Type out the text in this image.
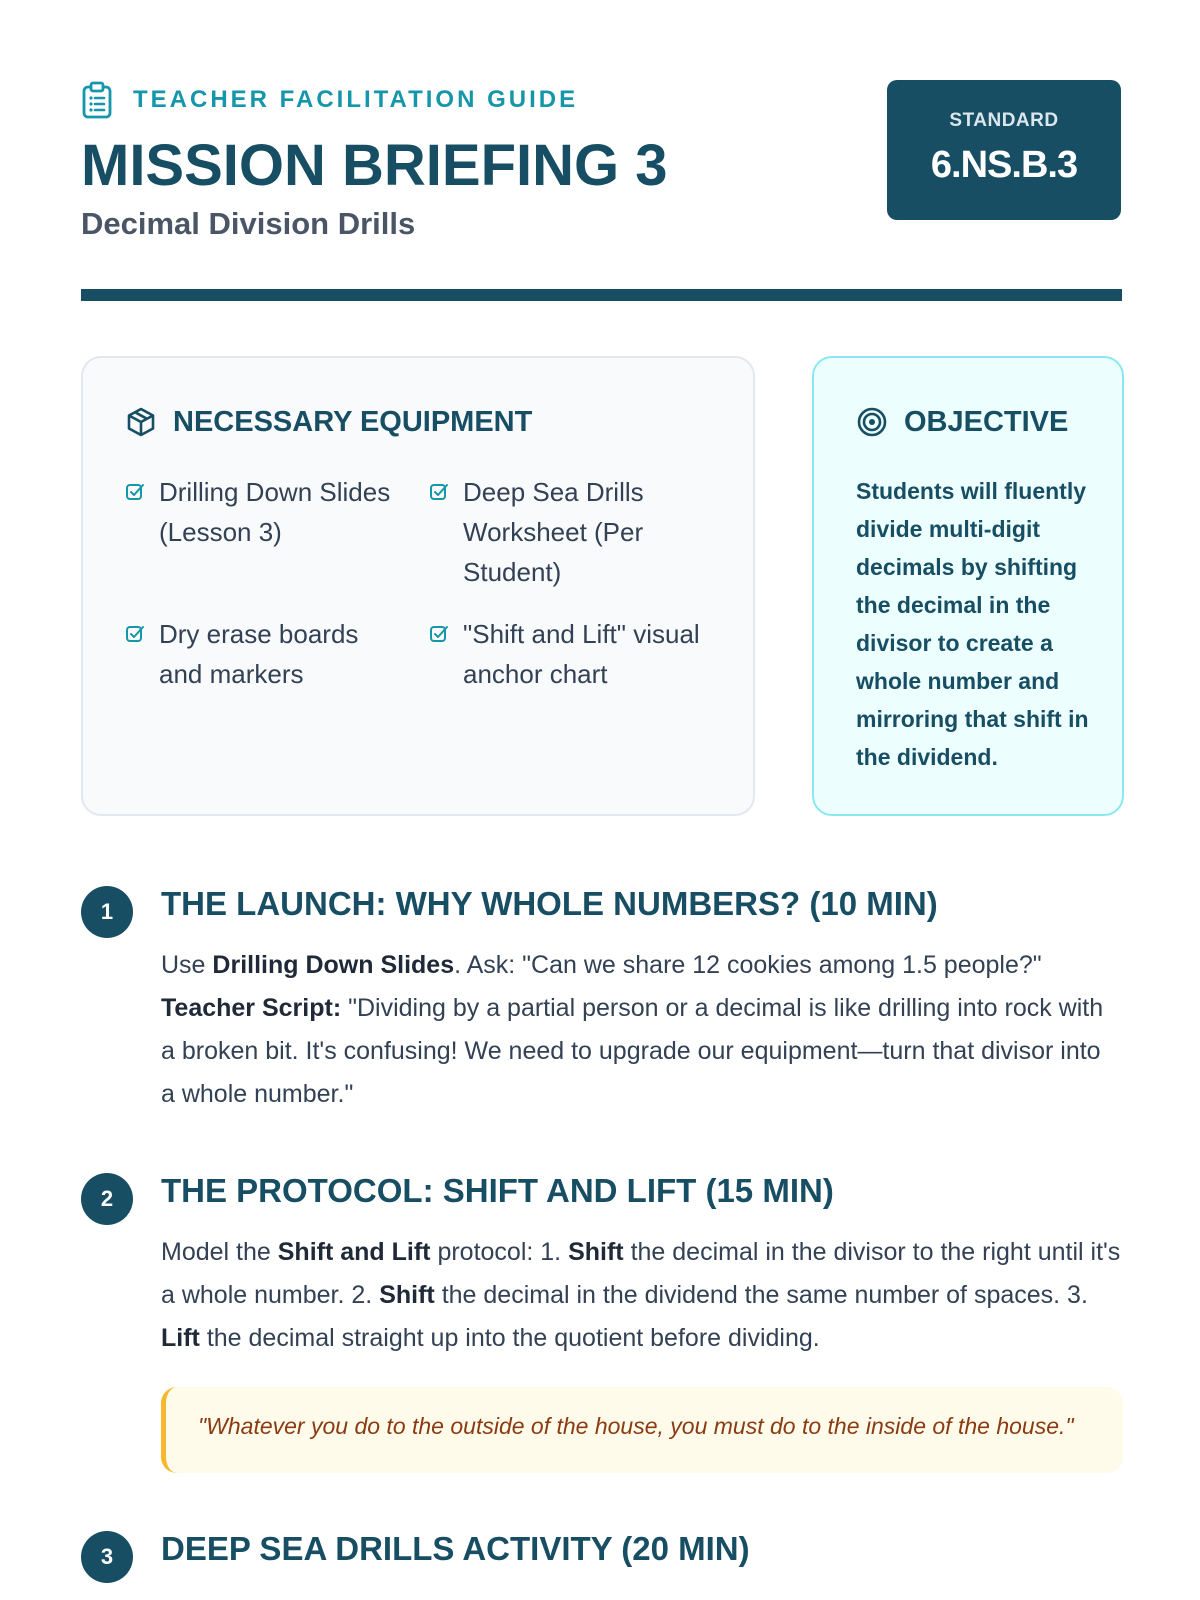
TEACHER FACILITATION GUIDE
MISSION BRIEFING 3
Decimal Division Drills
STANDARD
6.NS.B.3
NECESSARY EQUIPMENT
Drilling Down Slides (Lesson 3)
Deep Sea Drills Worksheet (Per Student)
Dry erase boards and markers
"Shift and Lift" visual anchor chart
OBJECTIVE
Students will fluently divide multi-digit decimals by shifting the decimal in the divisor to create a whole number and mirroring that shift in the dividend.
1	THE LAUNCH: WHY WHOLE NUMBERS? (10 MIN)
Use Drilling Down Slides. Ask: "Can we share 12 cookies among 1.5 people?" Teacher Script: "Dividing by a partial person or a decimal is like drilling into rock with a broken bit. It's confusing! We need to upgrade our equipment—turn that divisor into a whole number."
2	THE PROTOCOL: SHIFT AND LIFT (15 MIN)
Model the Shift and Lift protocol: 1. Shift the decimal in the divisor to the right until it's a whole number. 2. Shift the decimal in the dividend the same number of spaces. 3. Lift the decimal straight up into the quotient before dividing.
"Whatever you do to the outside of the house, you must do to the inside of the house."
3	DEEP SEA DRILLS ACTIVITY (20 MIN)
